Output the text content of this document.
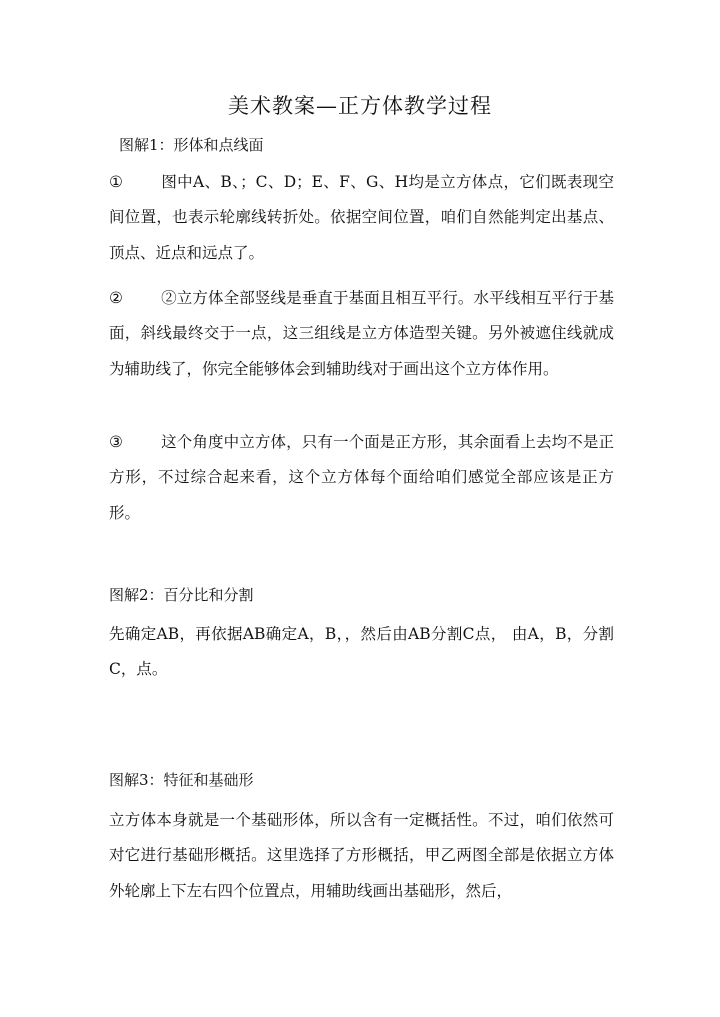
美术教案—正方体教学过程
图解1：形体和点线面
① 图中A、B、；C、D；E、F、G、H均是立方体点，它们既表现空间位置，也表示轮廓线转折处。依据空间位置，咱们自然能判定出基点、顶点、近点和远点了。
② ②立方体全部竖线是垂直于基面且相互平行。水平线相互平行于基面，斜线最终交于一点，这三组线是立方体造型关键。另外被遮住线就成为辅助线了，你完全能够体会到辅助线对于画出这个立方体作用。
③ 这个角度中立方体，只有一个面是正方形，其余面看上去均不是正方形，不过综合起来看，这个立方体每个面给咱们感觉全部应该是正方形。
图解2：百分比和分割
先确定AB，再依据AB确定A，B，，然后由AB分割C点， 由A，B，分割C，点。
图解3：特征和基础形
立方体本身就是一个基础形体，所以含有一定概括性。不过，咱们依然可对它进行基础形概括。这里选择了方形概括，甲乙两图全部是依据立方体外轮廓上下左右四个位置点，用辅助线画出基础形，然后，
